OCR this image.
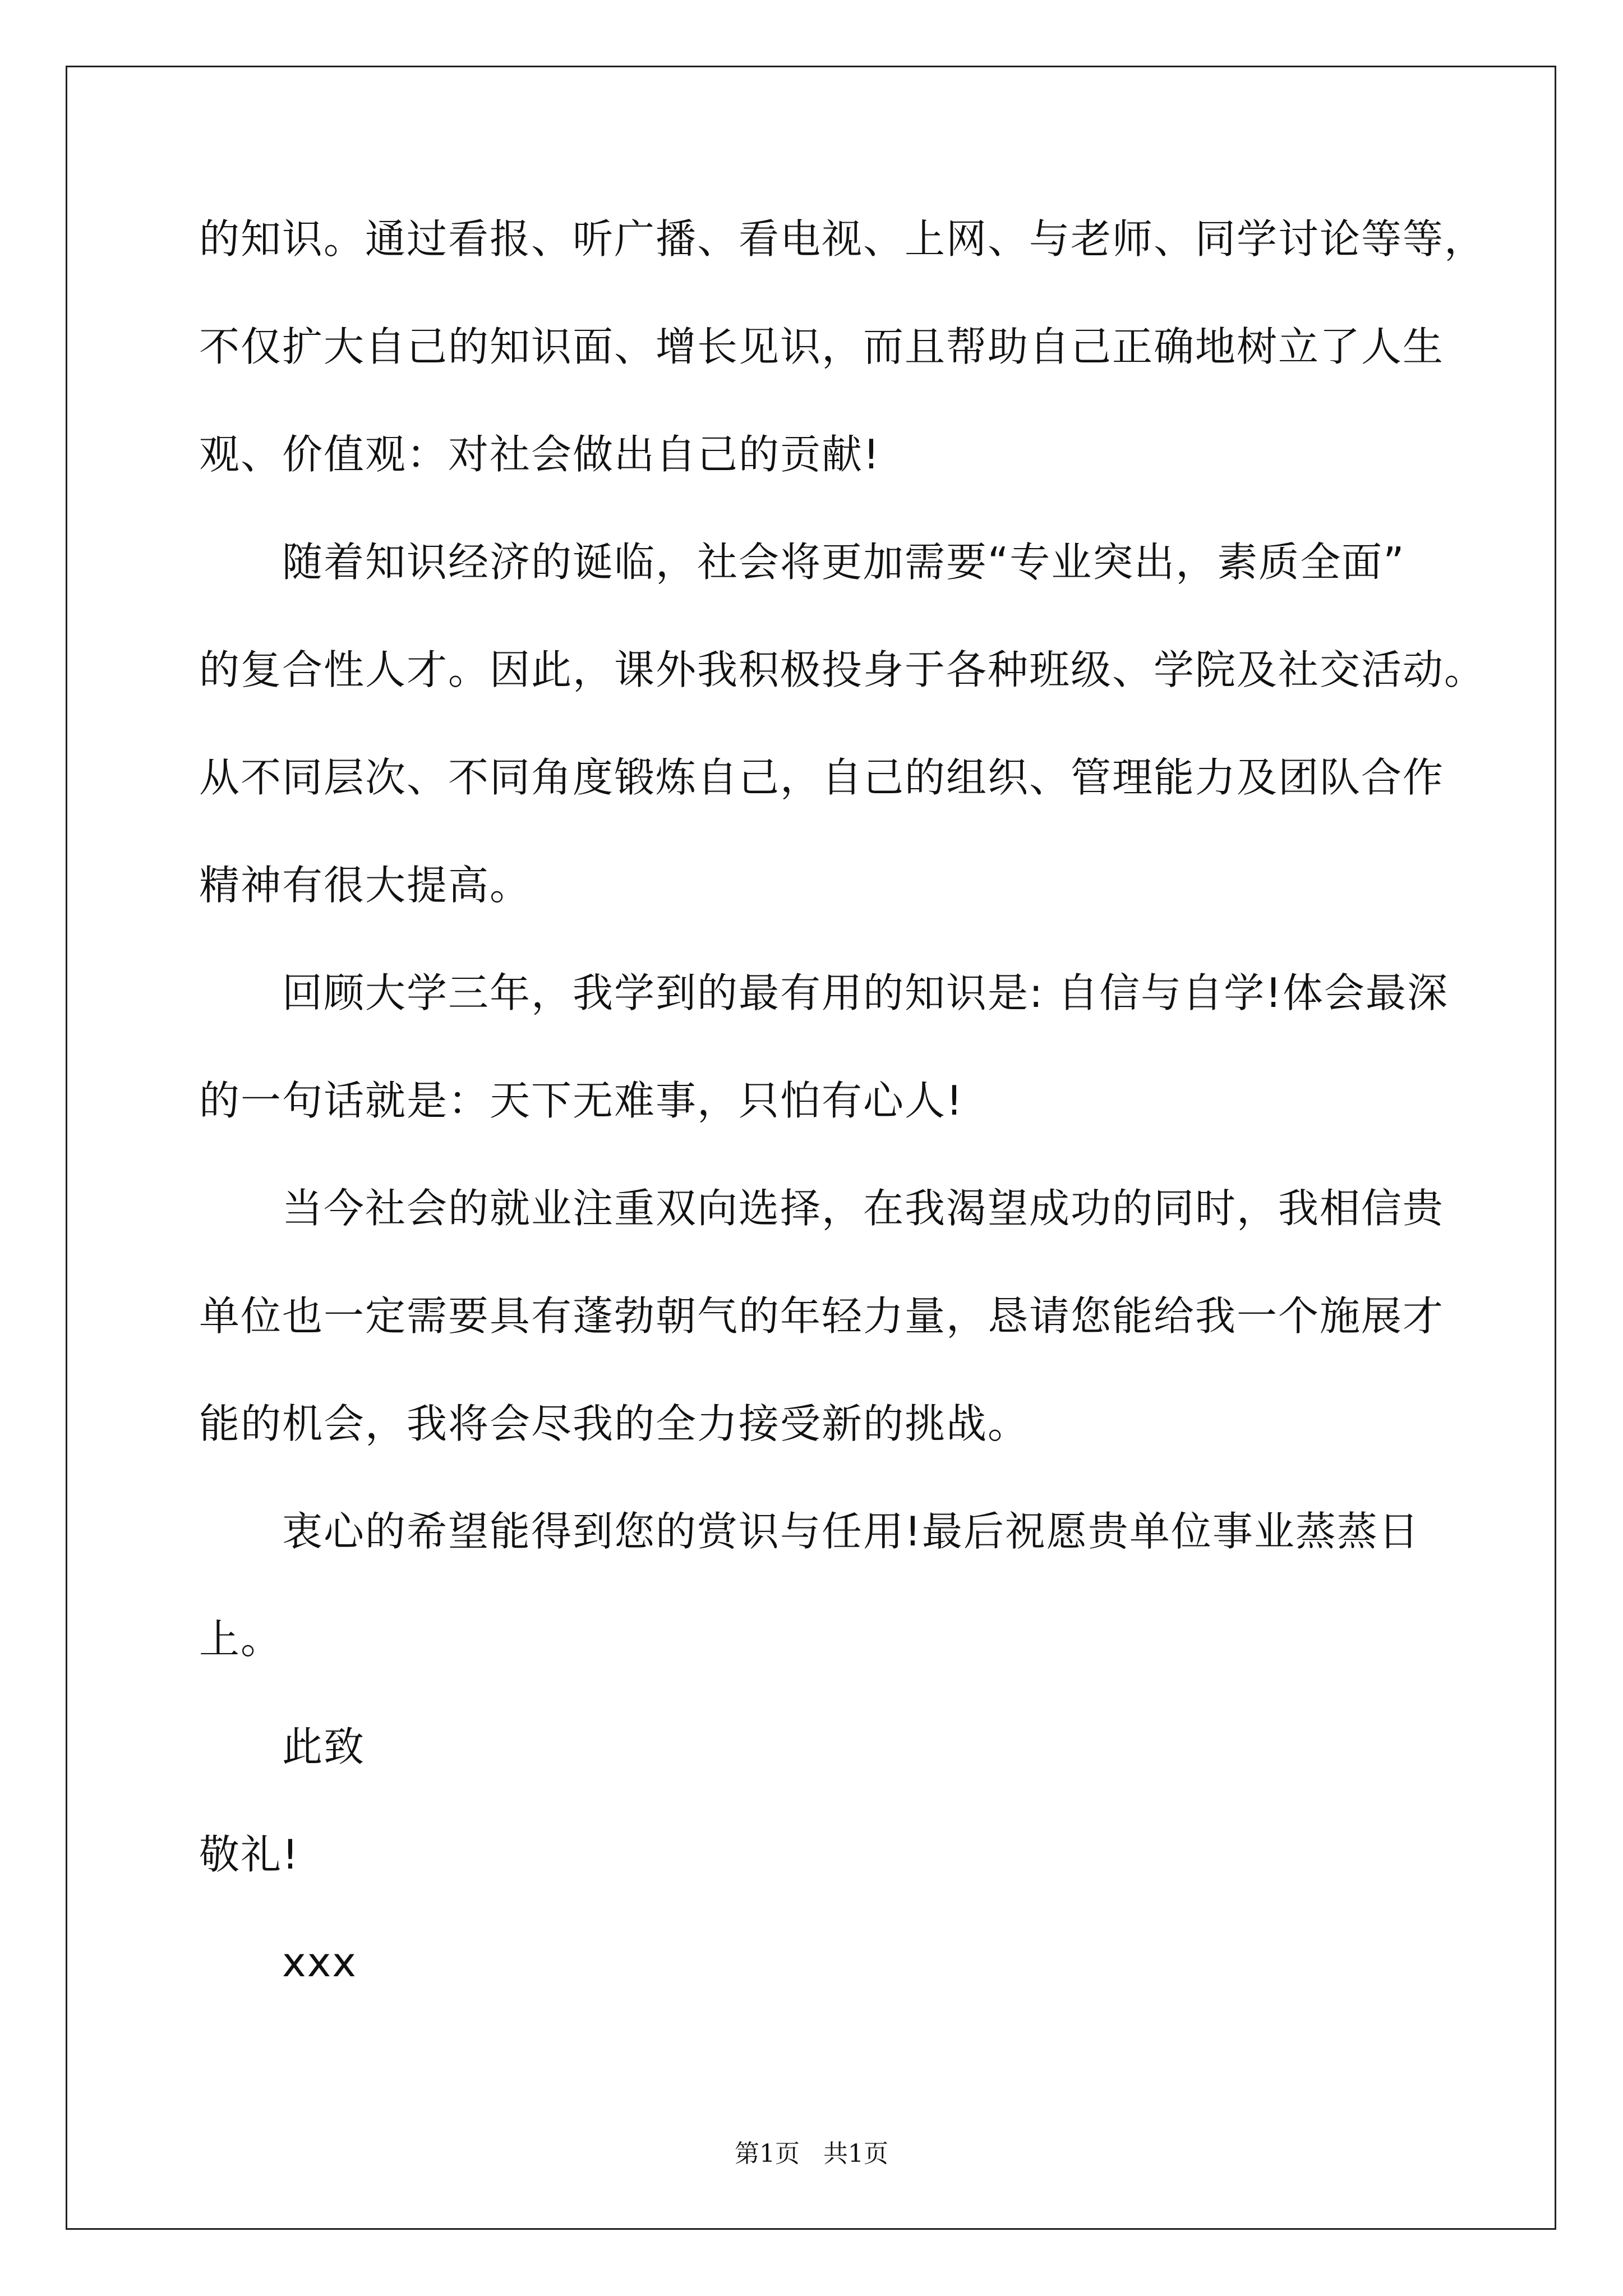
的知识。通过看报、听广播、看电视、上网、与老师、同学讨论等等，
不仅扩大自己的知识面、增长见识，而且帮助自己正确地树立了人生
观、价值观：对社会做出自己的贡献!
随着知识经济的诞临，社会将更加需要“专业突出，素质全面”
的复合性人才。因此，课外我积极投身于各种班级、学院及社交活动。
从不同层次、不同角度锻炼自己，自己的组织、管理能力及团队合作
精神有很大提高。
回顾大学三年，我学到的最有用的知识是: 自信与自学!体会最深
的一句话就是：天下无难事，只怕有心人!
当今社会的就业注重双向选择，在我渴望成功的同时，我相信贵
单位也一定需要具有蓬勃朝气的年轻力量，恳请您能给我一个施展才
能的机会，我将会尽我的全力接受新的挑战。
衷心的希望能得到您的赏识与任用!最后祝愿贵单位事业蒸蒸日
上。
此致
敬礼!
xxx
第1页 共1页
